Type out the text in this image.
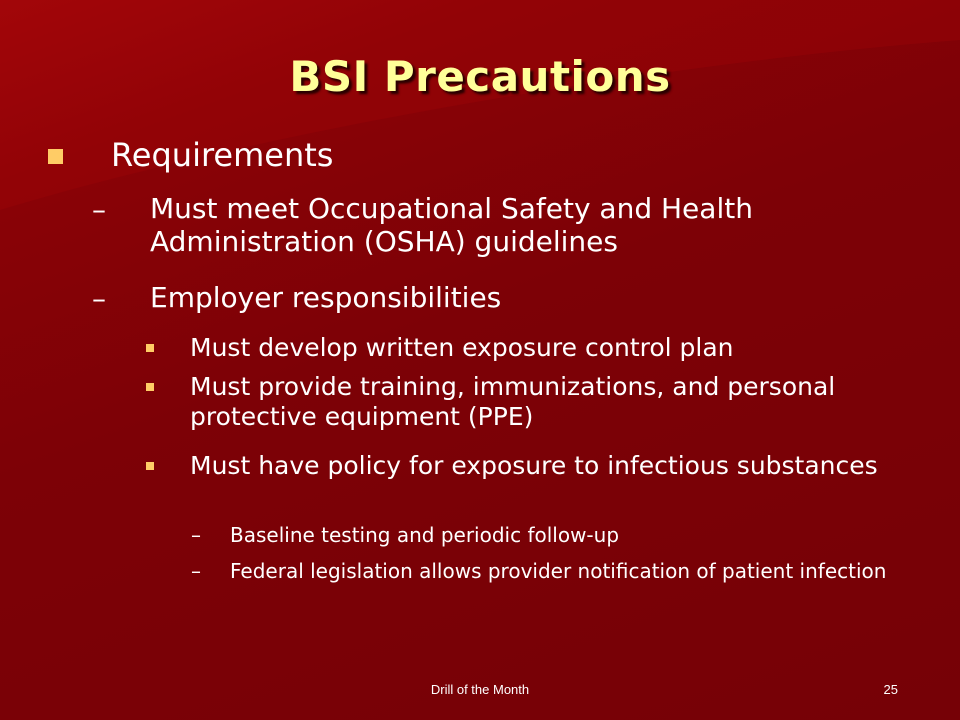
BSI Precautions
Requirements
– Must meet Occupational Safety and Health Administration (OSHA) guidelines
– Employer responsibilities
Must develop written exposure control plan
Must provide training, immunizations, and personal protective equipment (PPE)
Must have policy for exposure to infectious substances
– Baseline testing and periodic follow-up
– Federal legislation allows provider notification of patient infection
Drill of the Month	25
